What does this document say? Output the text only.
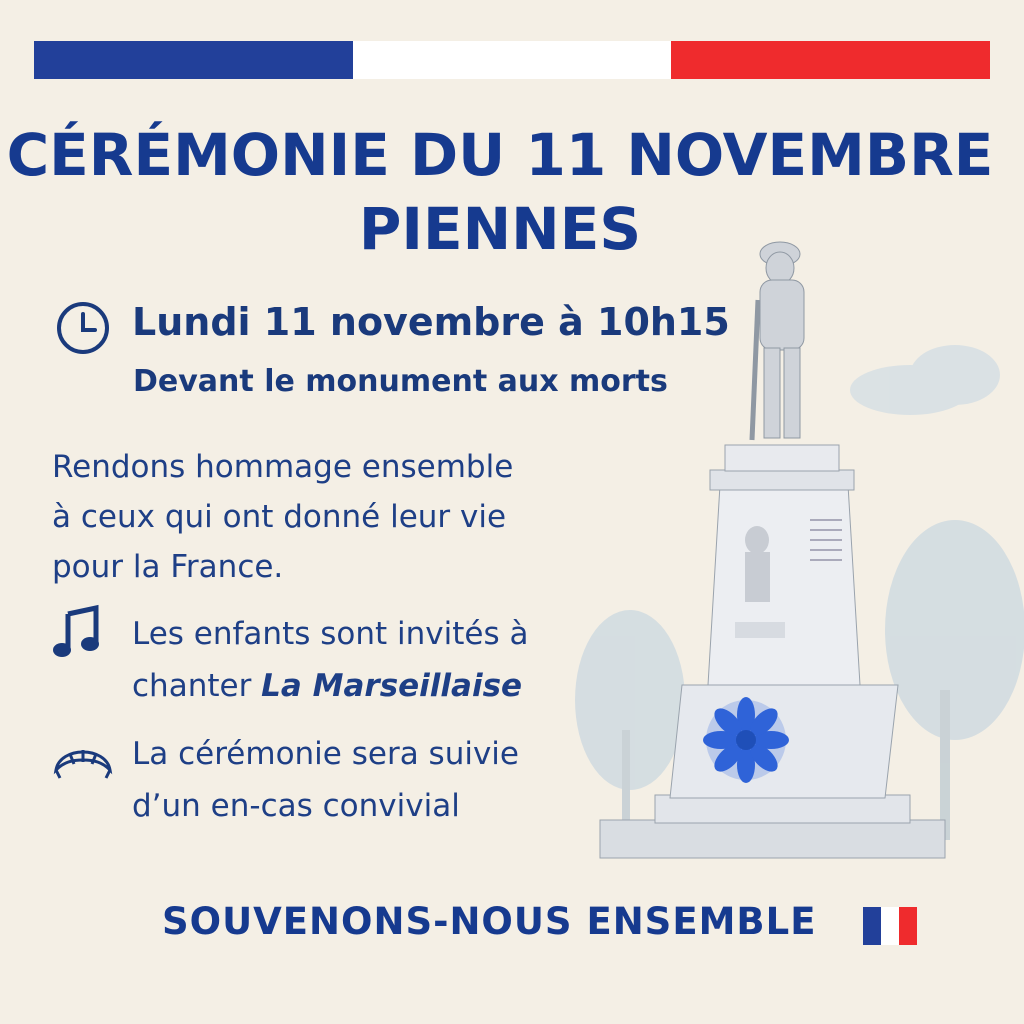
CÉRÉMONIE DU 11 NOVEMBRE
PIENNES
Lundi 11 novembre à 10h15
Devant le monument aux morts
Rendons hommage ensemble
à ceux qui ont donné leur vie
pour la France.
Les enfants sont invités à
chanter La Marseillaise
La cérémonie sera suivie
d’un en-cas convivial
SOUVENONS-NOUS ENSEMBLE
